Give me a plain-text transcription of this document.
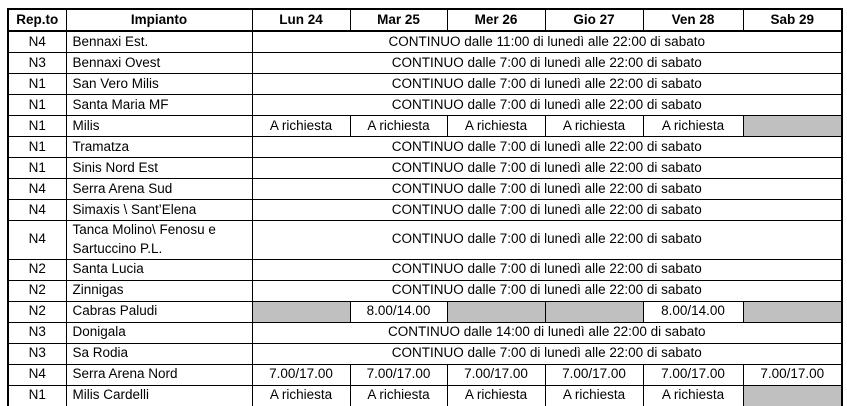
Rep.to	Impianto	Lun 24	Mar 25	Mer 26	Gio 27	Ven 28	Sab 29
N4	Bennaxi Est.	CONTINUO dalle 11:00 di lunedì alle 22:00 di sabato					
N3	Bennaxi Ovest	CONTINUO dalle 7:00 di lunedì alle 22:00 di sabato					
N1	San Vero Milis	CONTINUO dalle 7:00 di lunedì alle 22:00 di sabato					
N1	Santa Maria MF	CONTINUO dalle 7:00 di lunedì alle 22:00 di sabato					
N1	Milis	A richiesta	A richiesta	A richiesta	A richiesta	A richiesta	
N1	Tramatza	CONTINUO dalle 7:00 di lunedì alle 22:00 di sabato					
N1	Sinis Nord Est	CONTINUO dalle 7:00 di lunedì alle 22:00 di sabato					
N4	Serra Arena Sud	CONTINUO dalle 7:00 di lunedì alle 22:00 di sabato					
N4	Simaxis \ Sant’Elena	CONTINUO dalle 7:00 di lunedì alle 22:00 di sabato					
N4	Tanca Molino\ Fenosu e Sartuccino P.L.	CONTINUO dalle 7:00 di lunedì alle 22:00 di sabato					
N2	Santa Lucia	CONTINUO dalle 7:00 di lunedì alle 22:00 di sabato					
N2	Zinnigas	CONTINUO dalle 7:00 di lunedì alle 22:00 di sabato					
N2	Cabras Paludi		8.00/14.00			8.00/14.00	
N3	Donigala	CONTINUO dalle 14:00 di lunedì alle 22:00 di sabato					
N3	Sa Rodia	CONTINUO dalle 7:00 di lunedì alle 22:00 di sabato					
N4	Serra Arena Nord	7.00/17.00	7.00/17.00	7.00/17.00	7.00/17.00	7.00/17.00	7.00/17.00
N1	Milis Cardelli	A richiesta	A richiesta	A richiesta	A richiesta	A richiesta	
